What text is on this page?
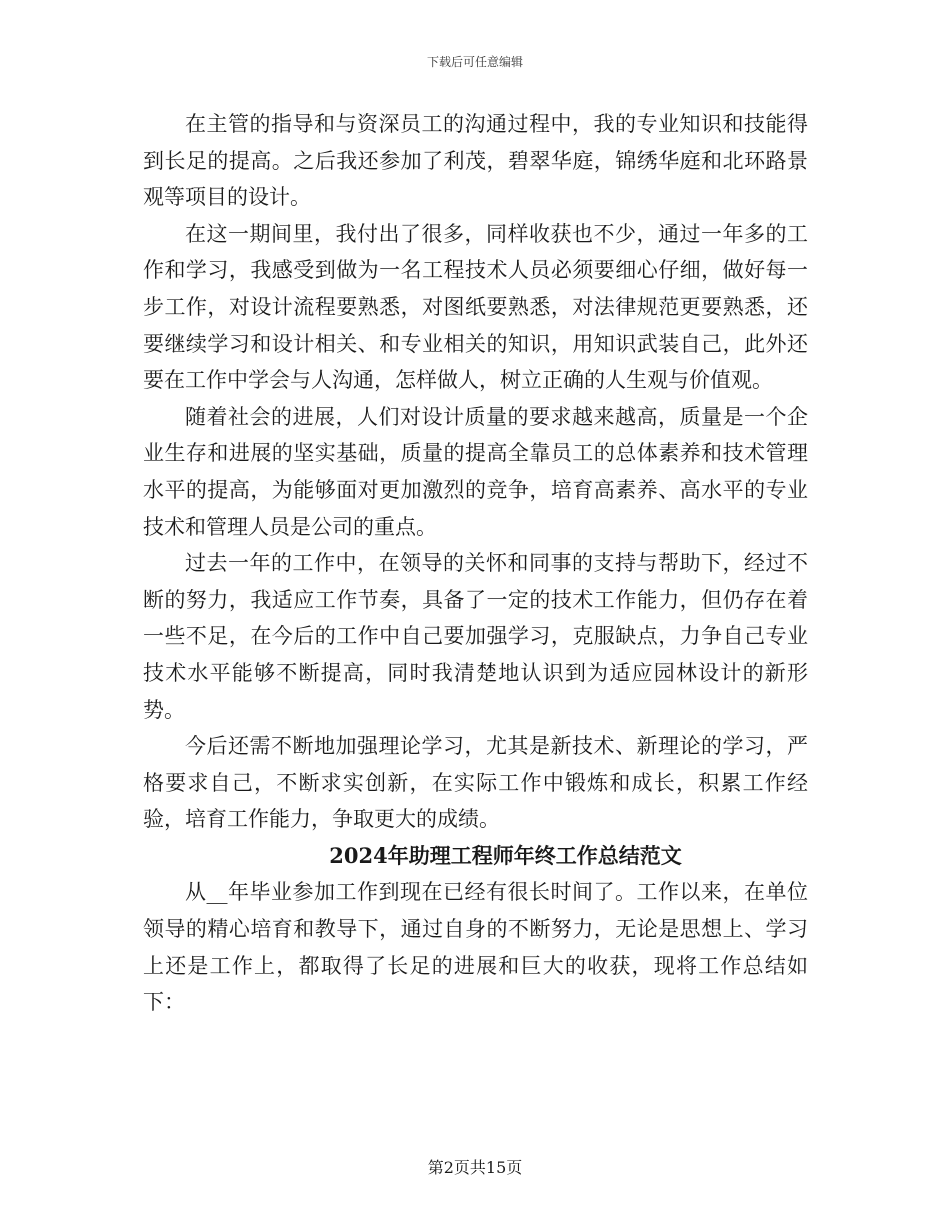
下载后可任意编辑

在主管的指导和与资深员工的沟通过程中，我的专业知识和技能得到长足的提高。之后我还参加了利茂，碧翠华庭，锦绣华庭和北环路景观等项目的设计。

在这一期间里，我付出了很多，同样收获也不少，通过一年多的工作和学习，我感受到做为一名工程技术人员必须要细心仔细，做好每一步工作，对设计流程要熟悉，对图纸要熟悉，对法律规范更要熟悉，还要继续学习和设计相关、和专业相关的知识，用知识武装自己，此外还要在工作中学会与人沟通，怎样做人，树立正确的人生观与价值观。

随着社会的进展，人们对设计质量的要求越来越高，质量是一个企业生存和进展的坚实基础，质量的提高全靠员工的总体素养和技术管理水平的提高，为能够面对更加激烈的竞争，培育高素养、高水平的专业技术和管理人员是公司的重点。

过去一年的工作中，在领导的关怀和同事的支持与帮助下，经过不断的努力，我适应工作节奏，具备了一定的技术工作能力，但仍存在着一些不足，在今后的工作中自己要加强学习，克服缺点，力争自己专业技术水平能够不断提高，同时我清楚地认识到为适应园林设计的新形势。

今后还需不断地加强理论学习，尤其是新技术、新理论的学习，严格要求自己，不断求实创新，在实际工作中锻炼和成长，积累工作经验，培育工作能力，争取更大的成绩。

2024年助理工程师年终工作总结范文

从__年毕业参加工作到现在已经有很长时间了。工作以来，在单位领导的精心培育和教导下，通过自身的不断努力，无论是思想上、学习上还是工作上，都取得了长足的进展和巨大的收获，现将工作总结如下：

第2页共15页
